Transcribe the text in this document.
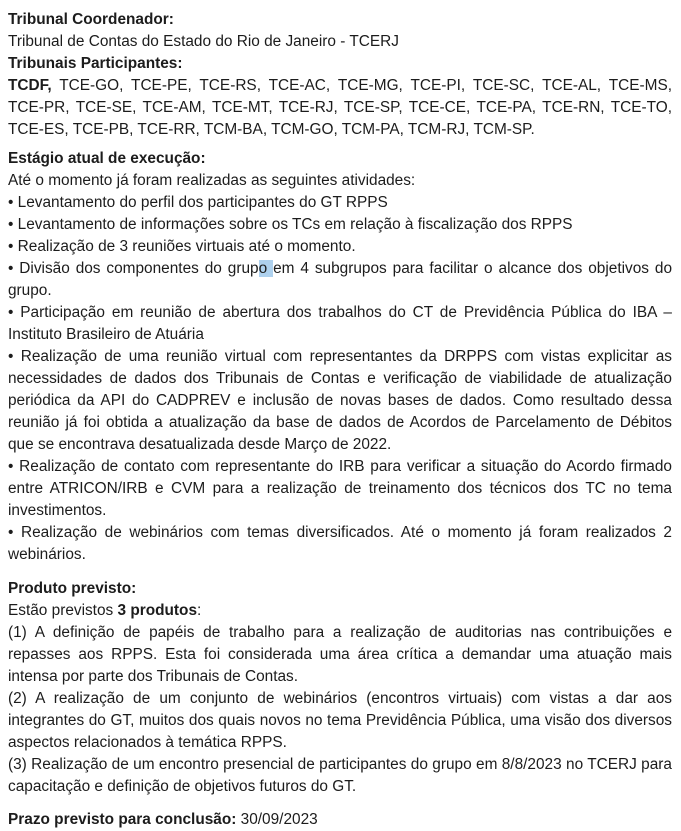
Tribunal Coordenador:

Tribunal de Contas do Estado do Rio de Janeiro - TCERJ

Tribunais Participantes:

TCDF, TCE-GO, TCE-PE, TCE-RS, TCE-AC, TCE-MG, TCE-PI, TCE-SC, TCE-AL, TCE-MS, TCE-PR, TCE-SE, TCE-AM, TCE-MT, TCE-RJ, TCE-SP, TCE-CE, TCE-PA, TCE-RN, TCE-TO, TCE-ES, TCE-PB, TCE-RR, TCM-BA, TCM-GO, TCM-PA, TCM-RJ, TCM-SP.

Estágio atual de execução:

Até o momento já foram realizadas as seguintes atividades:

• Levantamento do perfil dos participantes do GT RPPS

• Levantamento de informações sobre os TCs em relação à fiscalização dos RPPS

• Realização de 3 reuniões virtuais até o momento.

• Divisão dos componentes do grupo em 4 subgrupos para facilitar o alcance dos objetivos do grupo.

• Participação em reunião de abertura dos trabalhos do CT de Previdência Pública do IBA – Instituto Brasileiro de Atuária

• Realização de uma reunião virtual com representantes da DRPPS com vistas explicitar as necessidades de dados dos Tribunais de Contas e verificação de viabilidade de atualização periódica da API do CADPREV e inclusão de novas bases de dados. Como resultado dessa reunião já foi obtida a atualização da base de dados de Acordos de Parcelamento de Débitos que se encontrava desatualizada desde Março de 2022.

• Realização de contato com representante do IRB para verificar a situação do Acordo firmado entre ATRICON/IRB e CVM para a realização de treinamento dos técnicos dos TC no tema investimentos.

• Realização de webinários com temas diversificados. Até o momento já foram realizados 2 webinários.

Produto previsto:

Estão previstos 3 produtos:

(1) A definição de papéis de trabalho para a realização de auditorias nas contribuições e repasses aos RPPS. Esta foi considerada uma área crítica a demandar uma atuação mais intensa por parte dos Tribunais de Contas.

(2) A realização de um conjunto de webinários (encontros virtuais) com vistas a dar aos integrantes do GT, muitos dos quais novos no tema Previdência Pública, uma visão dos diversos aspectos relacionados à temática RPPS.

(3) Realização de um encontro presencial de participantes do grupo em 8/8/2023 no TCERJ para capacitação e definição de objetivos futuros do GT.

Prazo previsto para conclusão: 30/09/2023
